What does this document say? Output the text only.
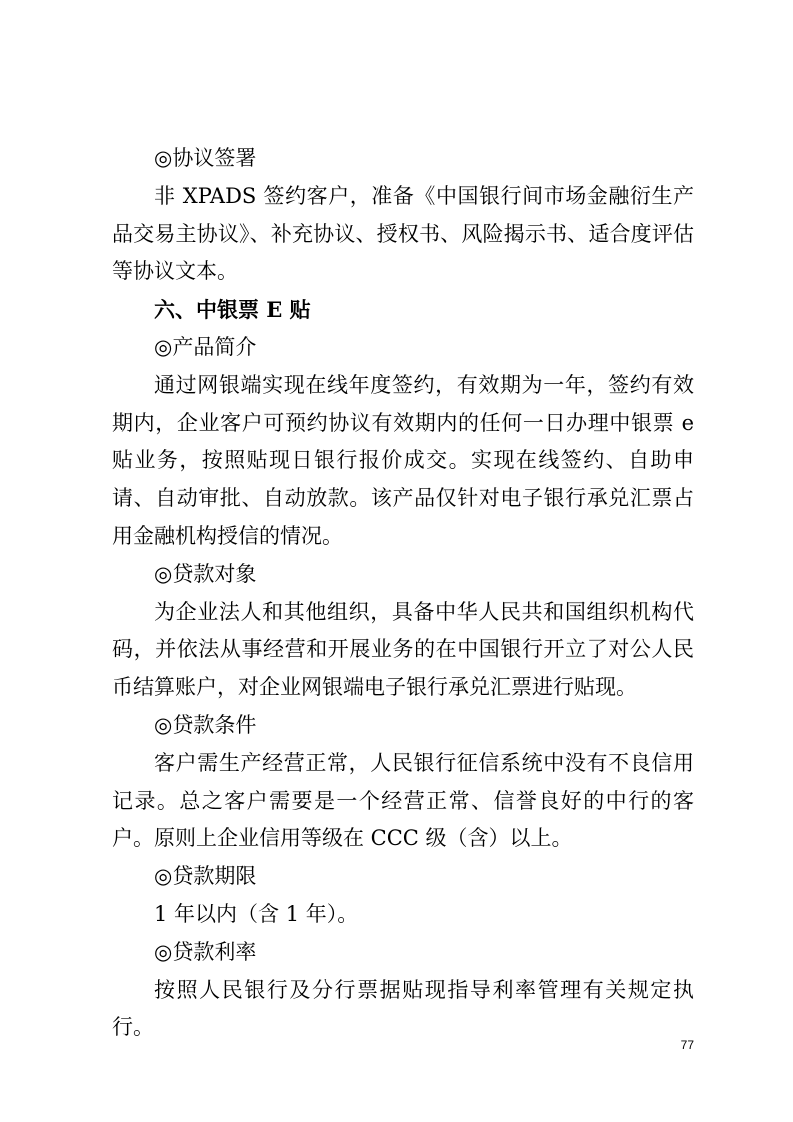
◎协议签署

非 XPADS 签约客户，准备《中国银行间市场金融衍生产品交易主协议》、补充协议、授权书、风险揭示书、适合度评估等协议文本。

六、中银票 E 贴

◎产品简介

通过网银端实现在线年度签约，有效期为一年，签约有效期内，企业客户可预约协议有效期内的任何一日办理中银票 e 贴业务，按照贴现日银行报价成交。实现在线签约、自助申请、自动审批、自动放款。该产品仅针对电子银行承兑汇票占用金融机构授信的情况。

◎贷款对象

为企业法人和其他组织，具备中华人民共和国组织机构代码，并依法从事经营和开展业务的在中国银行开立了对公人民币结算账户，对企业网银端电子银行承兑汇票进行贴现。

◎贷款条件

客户需生产经营正常，人民银行征信系统中没有不良信用记录。总之客户需要是一个经营正常、信誉良好的中行的客户。原则上企业信用等级在 CCC 级（含）以上。

◎贷款期限

1 年以内（含 1 年）。

◎贷款利率

按照人民银行及分行票据贴现指导利率管理有关规定执行。

77
